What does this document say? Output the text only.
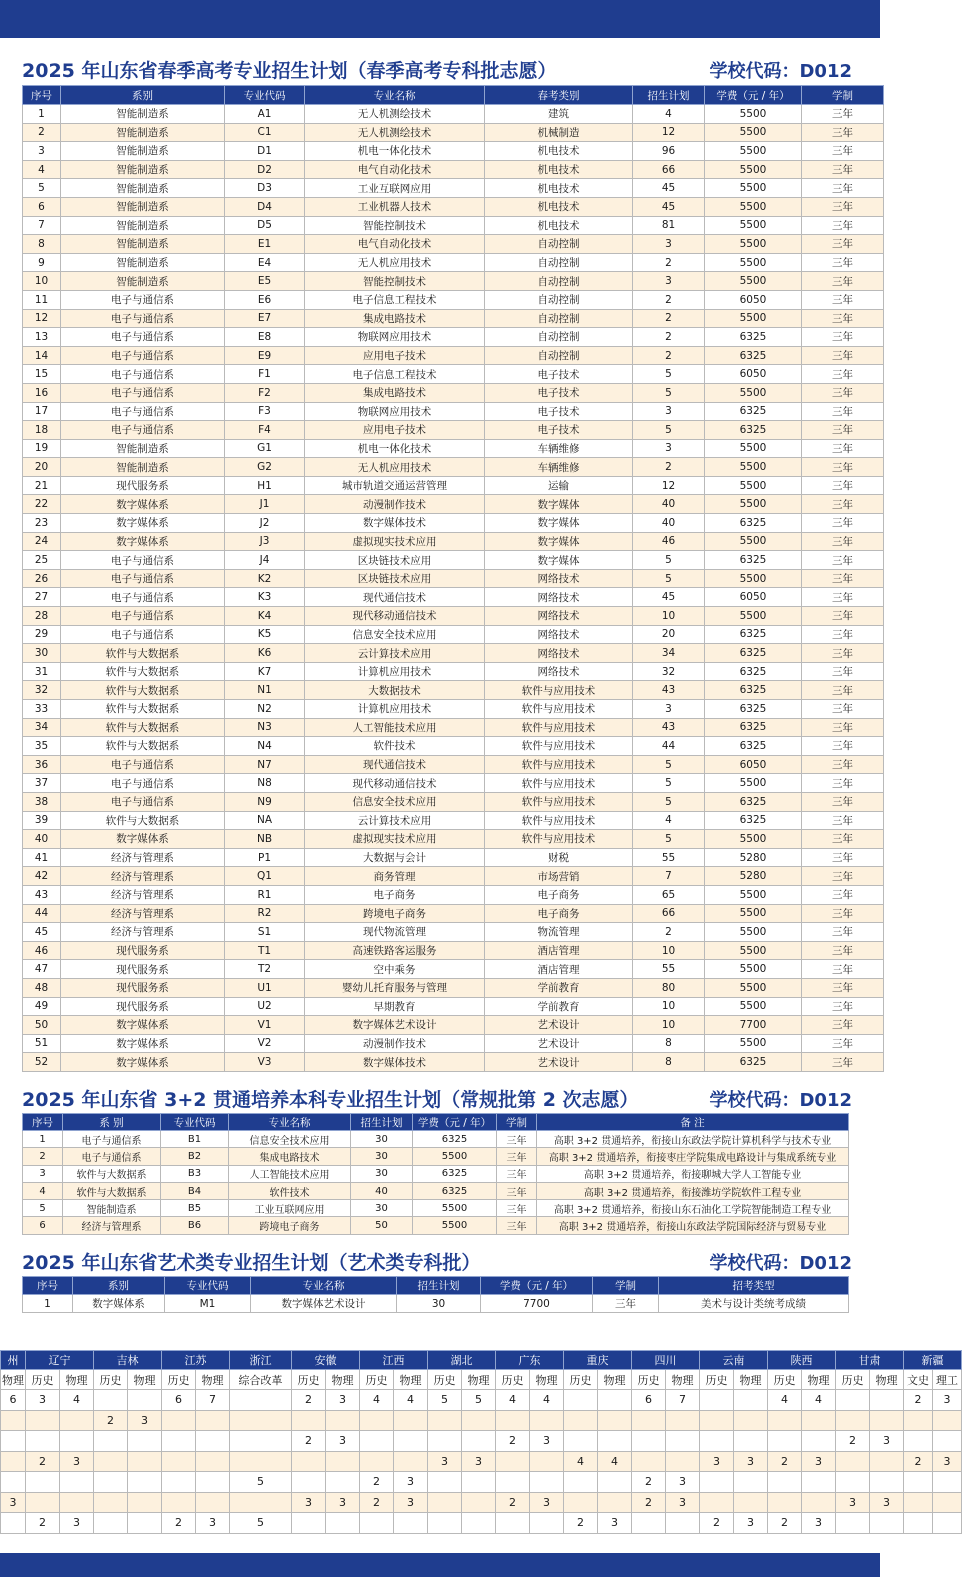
2025 年山东省春季高考专业招生计划（春季高考专科批志愿）	学校代码：D012
序号	系别	专业代码	专业名称	春考类别	招生计划	学费（元 / 年）	学制
1	智能制造系	A1	无人机测绘技术	建筑	4	5500	三年
2	智能制造系	C1	无人机测绘技术	机械制造	12	5500	三年
3	智能制造系	D1	机电一体化技术	机电技术	96	5500	三年
4	智能制造系	D2	电气自动化技术	机电技术	66	5500	三年
5	智能制造系	D3	工业互联网应用	机电技术	45	5500	三年
6	智能制造系	D4	工业机器人技术	机电技术	45	5500	三年
7	智能制造系	D5	智能控制技术	机电技术	81	5500	三年
8	智能制造系	E1	电气自动化技术	自动控制	3	5500	三年
9	智能制造系	E4	无人机应用技术	自动控制	2	5500	三年
10	智能制造系	E5	智能控制技术	自动控制	3	5500	三年
11	电子与通信系	E6	电子信息工程技术	自动控制	2	6050	三年
12	电子与通信系	E7	集成电路技术	自动控制	2	5500	三年
13	电子与通信系	E8	物联网应用技术	自动控制	2	6325	三年
14	电子与通信系	E9	应用电子技术	自动控制	2	6325	三年
15	电子与通信系	F1	电子信息工程技术	电子技术	5	6050	三年
16	电子与通信系	F2	集成电路技术	电子技术	5	5500	三年
17	电子与通信系	F3	物联网应用技术	电子技术	3	6325	三年
18	电子与通信系	F4	应用电子技术	电子技术	5	6325	三年
19	智能制造系	G1	机电一体化技术	车辆维修	3	5500	三年
20	智能制造系	G2	无人机应用技术	车辆维修	2	5500	三年
21	现代服务系	H1	城市轨道交通运营管理	运输	12	5500	三年
22	数字媒体系	J1	动漫制作技术	数字媒体	40	5500	三年
23	数字媒体系	J2	数字媒体技术	数字媒体	40	6325	三年
24	数字媒体系	J3	虚拟现实技术应用	数字媒体	46	5500	三年
25	电子与通信系	J4	区块链技术应用	数字媒体	5	6325	三年
26	电子与通信系	K2	区块链技术应用	网络技术	5	5500	三年
27	电子与通信系	K3	现代通信技术	网络技术	45	6050	三年
28	电子与通信系	K4	现代移动通信技术	网络技术	10	5500	三年
29	电子与通信系	K5	信息安全技术应用	网络技术	20	6325	三年
30	软件与大数据系	K6	云计算技术应用	网络技术	34	6325	三年
31	软件与大数据系	K7	计算机应用技术	网络技术	32	6325	三年
32	软件与大数据系	N1	大数据技术	软件与应用技术	43	6325	三年
33	软件与大数据系	N2	计算机应用技术	软件与应用技术	3	6325	三年
34	软件与大数据系	N3	人工智能技术应用	软件与应用技术	43	6325	三年
35	软件与大数据系	N4	软件技术	软件与应用技术	44	6325	三年
36	电子与通信系	N7	现代通信技术	软件与应用技术	5	6050	三年
37	电子与通信系	N8	现代移动通信技术	软件与应用技术	5	5500	三年
38	电子与通信系	N9	信息安全技术应用	软件与应用技术	5	6325	三年
39	软件与大数据系	NA	云计算技术应用	软件与应用技术	4	6325	三年
40	数字媒体系	NB	虚拟现实技术应用	软件与应用技术	5	5500	三年
41	经济与管理系	P1	大数据与会计	财税	55	5280	三年
42	经济与管理系	Q1	商务管理	市场营销	7	5280	三年
43	经济与管理系	R1	电子商务	电子商务	65	5500	三年
44	经济与管理系	R2	跨境电子商务	电子商务	66	5500	三年
45	经济与管理系	S1	现代物流管理	物流管理	2	5500	三年
46	现代服务系	T1	高速铁路客运服务	酒店管理	10	5500	三年
47	现代服务系	T2	空中乘务	酒店管理	55	5500	三年
48	现代服务系	U1	婴幼儿托育服务与管理	学前教育	80	5500	三年
49	现代服务系	U2	早期教育	学前教育	10	5500	三年
50	数字媒体系	V1	数字媒体艺术设计	艺术设计	10	7700	三年
51	数字媒体系	V2	动漫制作技术	艺术设计	8	5500	三年
52	数字媒体系	V3	数字媒体技术	艺术设计	8	6325	三年
2025 年山东省 3+2 贯通培养本科专业招生计划（常规批第 2 次志愿）	学校代码：D012
序号	系 别	专业代码	专业名称	招生计划	学费（元 / 年）	学制	备 注
1	电子与通信系	B1	信息安全技术应用	30	6325	三年	高职 3+2 贯通培养，衔接山东政法学院计算机科学与技术专业
2	电子与通信系	B2	集成电路技术	30	5500	三年	高职 3+2 贯通培养，衔接枣庄学院集成电路设计与集成系统专业
3	软件与大数据系	B3	人工智能技术应用	30	6325	三年	高职 3+2 贯通培养，衔接聊城大学人工智能专业
4	软件与大数据系	B4	软件技术	40	6325	三年	高职 3+2 贯通培养，衔接潍坊学院软件工程专业
5	智能制造系	B5	工业互联网应用	30	5500	三年	高职 3+2 贯通培养，衔接山东石油化工学院智能制造工程专业
6	经济与管理系	B6	跨境电子商务	50	5500	三年	高职 3+2 贯通培养，衔接山东政法学院国际经济与贸易专业
2025 年山东省艺术类专业招生计划（艺术类专科批）	学校代码：D012
序号	系别	专业代码	专业名称	招生计划	学费（元 / 年）	学制	招考类型
1	数字媒体系	M1	数字媒体艺术设计	30	7700	三年	美术与设计类统考成绩
州	辽宁		吉林		江苏		浙江	安徽		江西		湖北		广东		重庆		四川		云南		陕西		甘肃		新疆	
物理	历史	物理	历史	物理	历史	物理	综合改革	历史	物理	历史	物理	历史	物理	历史	物理	历史	物理	历史	物理	历史	物理	历史	物理	历史	物理	文史	理工
6	3	4			6	7		2	3	4	4	5	5	4	4			6	7			4	4			2	3
			2	3																							
								2	3					2	3									2	3		
	2	3										3	3			4	4			3	3	2	3			2	3
							5			2	3							2	3								
3								3	3	2	3			2	3			2	3					3	3		
	2	3			2	3	5									2	3			2	3	2	3				
